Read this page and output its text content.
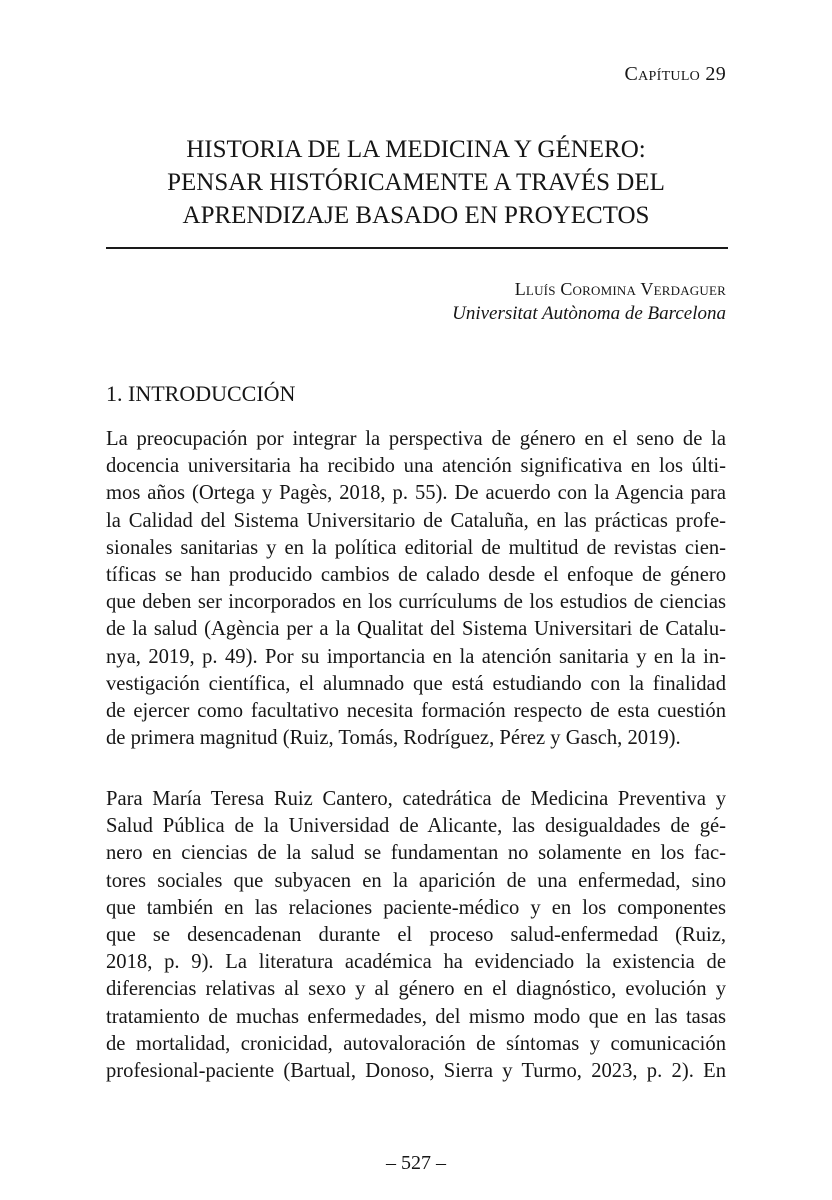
Capítulo 29
HISTORIA DE LA MEDICINA Y GÉNERO:
PENSAR HISTÓRICAMENTE A TRAVÉS DEL
APRENDIZAJE BASADO EN PROYECTOS
Lluís Coromina Verdaguer
Universitat Autònoma de Barcelona
1. INTRODUCCIÓN
La preocupación por integrar la perspectiva de género en el seno de la
docencia universitaria ha recibido una atención significativa en los últi-
mos años (Ortega y Pagès, 2018, p. 55). De acuerdo con la Agencia para
la Calidad del Sistema Universitario de Cataluña, en las prácticas profe-
sionales sanitarias y en la política editorial de multitud de revistas cien-
tíficas se han producido cambios de calado desde el enfoque de género
que deben ser incorporados en los currículums de los estudios de ciencias
de la salud (Agència per a la Qualitat del Sistema Universitari de Catalu-
nya, 2019, p. 49). Por su importancia en la atención sanitaria y en la in-
vestigación científica, el alumnado que está estudiando con la finalidad
de ejercer como facultativo necesita formación respecto de esta cuestión
de primera magnitud (Ruiz, Tomás, Rodríguez, Pérez y Gasch, 2019).
Para María Teresa Ruiz Cantero, catedrática de Medicina Preventiva y
Salud Pública de la Universidad de Alicante, las desigualdades de gé-
nero en ciencias de la salud se fundamentan no solamente en los fac-
tores sociales que subyacen en la aparición de una enfermedad, sino
que también en las relaciones paciente-médico y en los componentes
que se desencadenan durante el proceso salud-enfermedad (Ruiz,
2018, p. 9). La literatura académica ha evidenciado la existencia de
diferencias relativas al sexo y al género en el diagnóstico, evolución y
tratamiento de muchas enfermedades, del mismo modo que en las tasas
de mortalidad, cronicidad, autovaloración de síntomas y comunicación
profesional-paciente (Bartual, Donoso, Sierra y Turmo, 2023, p. 2). En
– 527 –
